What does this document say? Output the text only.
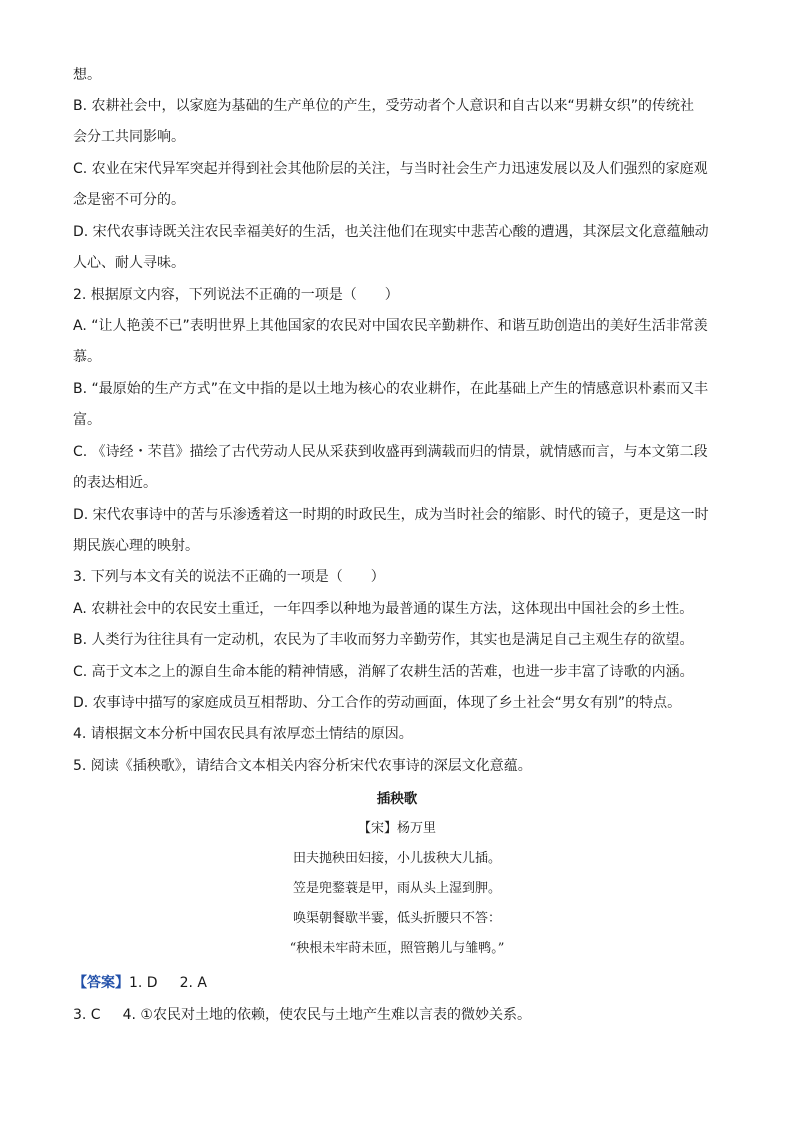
想。
B. 农耕社会中，以家庭为基础的生产单位的产生，受劳动者个人意识和自古以来“男耕女织”的传统社
会分工共同影响。
C. 农业在宋代异军突起并得到社会其他阶层的关注，与当时社会生产力迅速发展以及人们强烈的家庭观
念是密不可分的。
D. 宋代农事诗既关注农民幸福美好的生活，也关注他们在现实中悲苦心酸的遭遇，其深层文化意蕴触动
人心、耐人寻味。
2. 根据原文内容，下列说法不正确的一项是（　　）
A. “让人艳羡不已”表明世界上其他国家的农民对中国农民辛勤耕作、和谐互助创造出的美好生活非常羡
慕。
B. “最原始的生产方式”在文中指的是以土地为核心的农业耕作，在此基础上产生的情感意识朴素而又丰
富。
C. 《诗经・芣苢》描绘了古代劳动人民从采获到收盛再到满载而归的情景，就情感而言，与本文第二段
的表达相近。
D. 宋代农事诗中的苦与乐渗透着这一时期的时政民生，成为当时社会的缩影、时代的镜子，更是这一时
期民族心理的映射。
3. 下列与本文有关的说法不正确的一项是（　　）
A. 农耕社会中的农民安土重迁，一年四季以种地为最普通的谋生方法，这体现出中国社会的乡土性。
B. 人类行为往往具有一定动机，农民为了丰收而努力辛勤劳作，其实也是满足自己主观生存的欲望。
C. 高于文本之上的源自生命本能的精神情感，消解了农耕生活的苦难，也进一步丰富了诗歌的内涵。
D. 农事诗中描写的家庭成员互相帮助、分工合作的劳动画面，体现了乡土社会“男女有别”的特点。
4. 请根据文本分析中国农民具有浓厚恋土情结的原因。
5. 阅读《插秧歌》，请结合文本相关内容分析宋代农事诗的深层文化意蕴。
插秧歌
【宋】杨万里
田夫抛秧田妇接，小儿拔秧大儿插。
笠是兜鍪蓑是甲，雨从头上湿到胛。
唤渠朝餐歇半霎，低头折腰只不答：
“秧根未牢莳未匝，照管鹅儿与雏鸭。”
【答案】1. D 2. A
3. C 4. ①农民对土地的依赖，使农民与土地产生难以言表的微妙关系。
